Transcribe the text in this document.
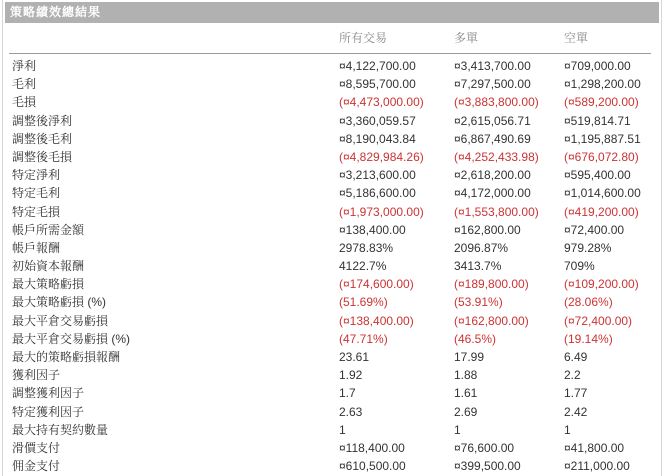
策略績效總結果
所有交易	多單	空單
淨利	¤4,122,700.00	¤3,413,700.00	¤709,000.00
毛利	¤8,595,700.00	¤7,297,500.00	¤1,298,200.00
毛損	(¤4,473,000.00)	(¤3,883,800.00)	(¤589,200.00)
調整後淨利	¤3,360,059.57	¤2,615,056.71	¤519,814.71
調整後毛利	¤8,190,043.84	¤6,867,490.69	¤1,195,887.51
調整後毛損	(¤4,829,984.26)	(¤4,252,433.98)	(¤676,072.80)
特定淨利	¤3,213,600.00	¤2,618,200.00	¤595,400.00
特定毛利	¤5,186,600.00	¤4,172,000.00	¤1,014,600.00
特定毛損	(¤1,973,000.00)	(¤1,553,800.00)	(¤419,200.00)
帳戶所需金額	¤138,400.00	¤162,800.00	¤72,400.00
帳戶報酬	2978.83%	2096.87%	979.28%
初始資本報酬	4122.7%	3413.7%	709%
最大策略虧損	(¤174,600.00)	(¤189,800.00)	(¤109,200.00)
最大策略虧損 (%)	(51.69%)	(53.91%)	(28.06%)
最大平倉交易虧損	(¤138,400.00)	(¤162,800.00)	(¤72,400.00)
最大平倉交易虧損 (%)	(47.71%)	(46.5%)	(19.14%)
最大的策略虧損報酬	23.61	17.99	6.49
獲利因子	1.92	1.88	2.2
調整獲利因子	1.7	1.61	1.77
特定獲利因子	2.63	2.69	2.42
最大持有契約數量	1	1	1
滑價支付	¤118,400.00	¤76,600.00	¤41,800.00
佣金支付	¤610,500.00	¤399,500.00	¤211,000.00
